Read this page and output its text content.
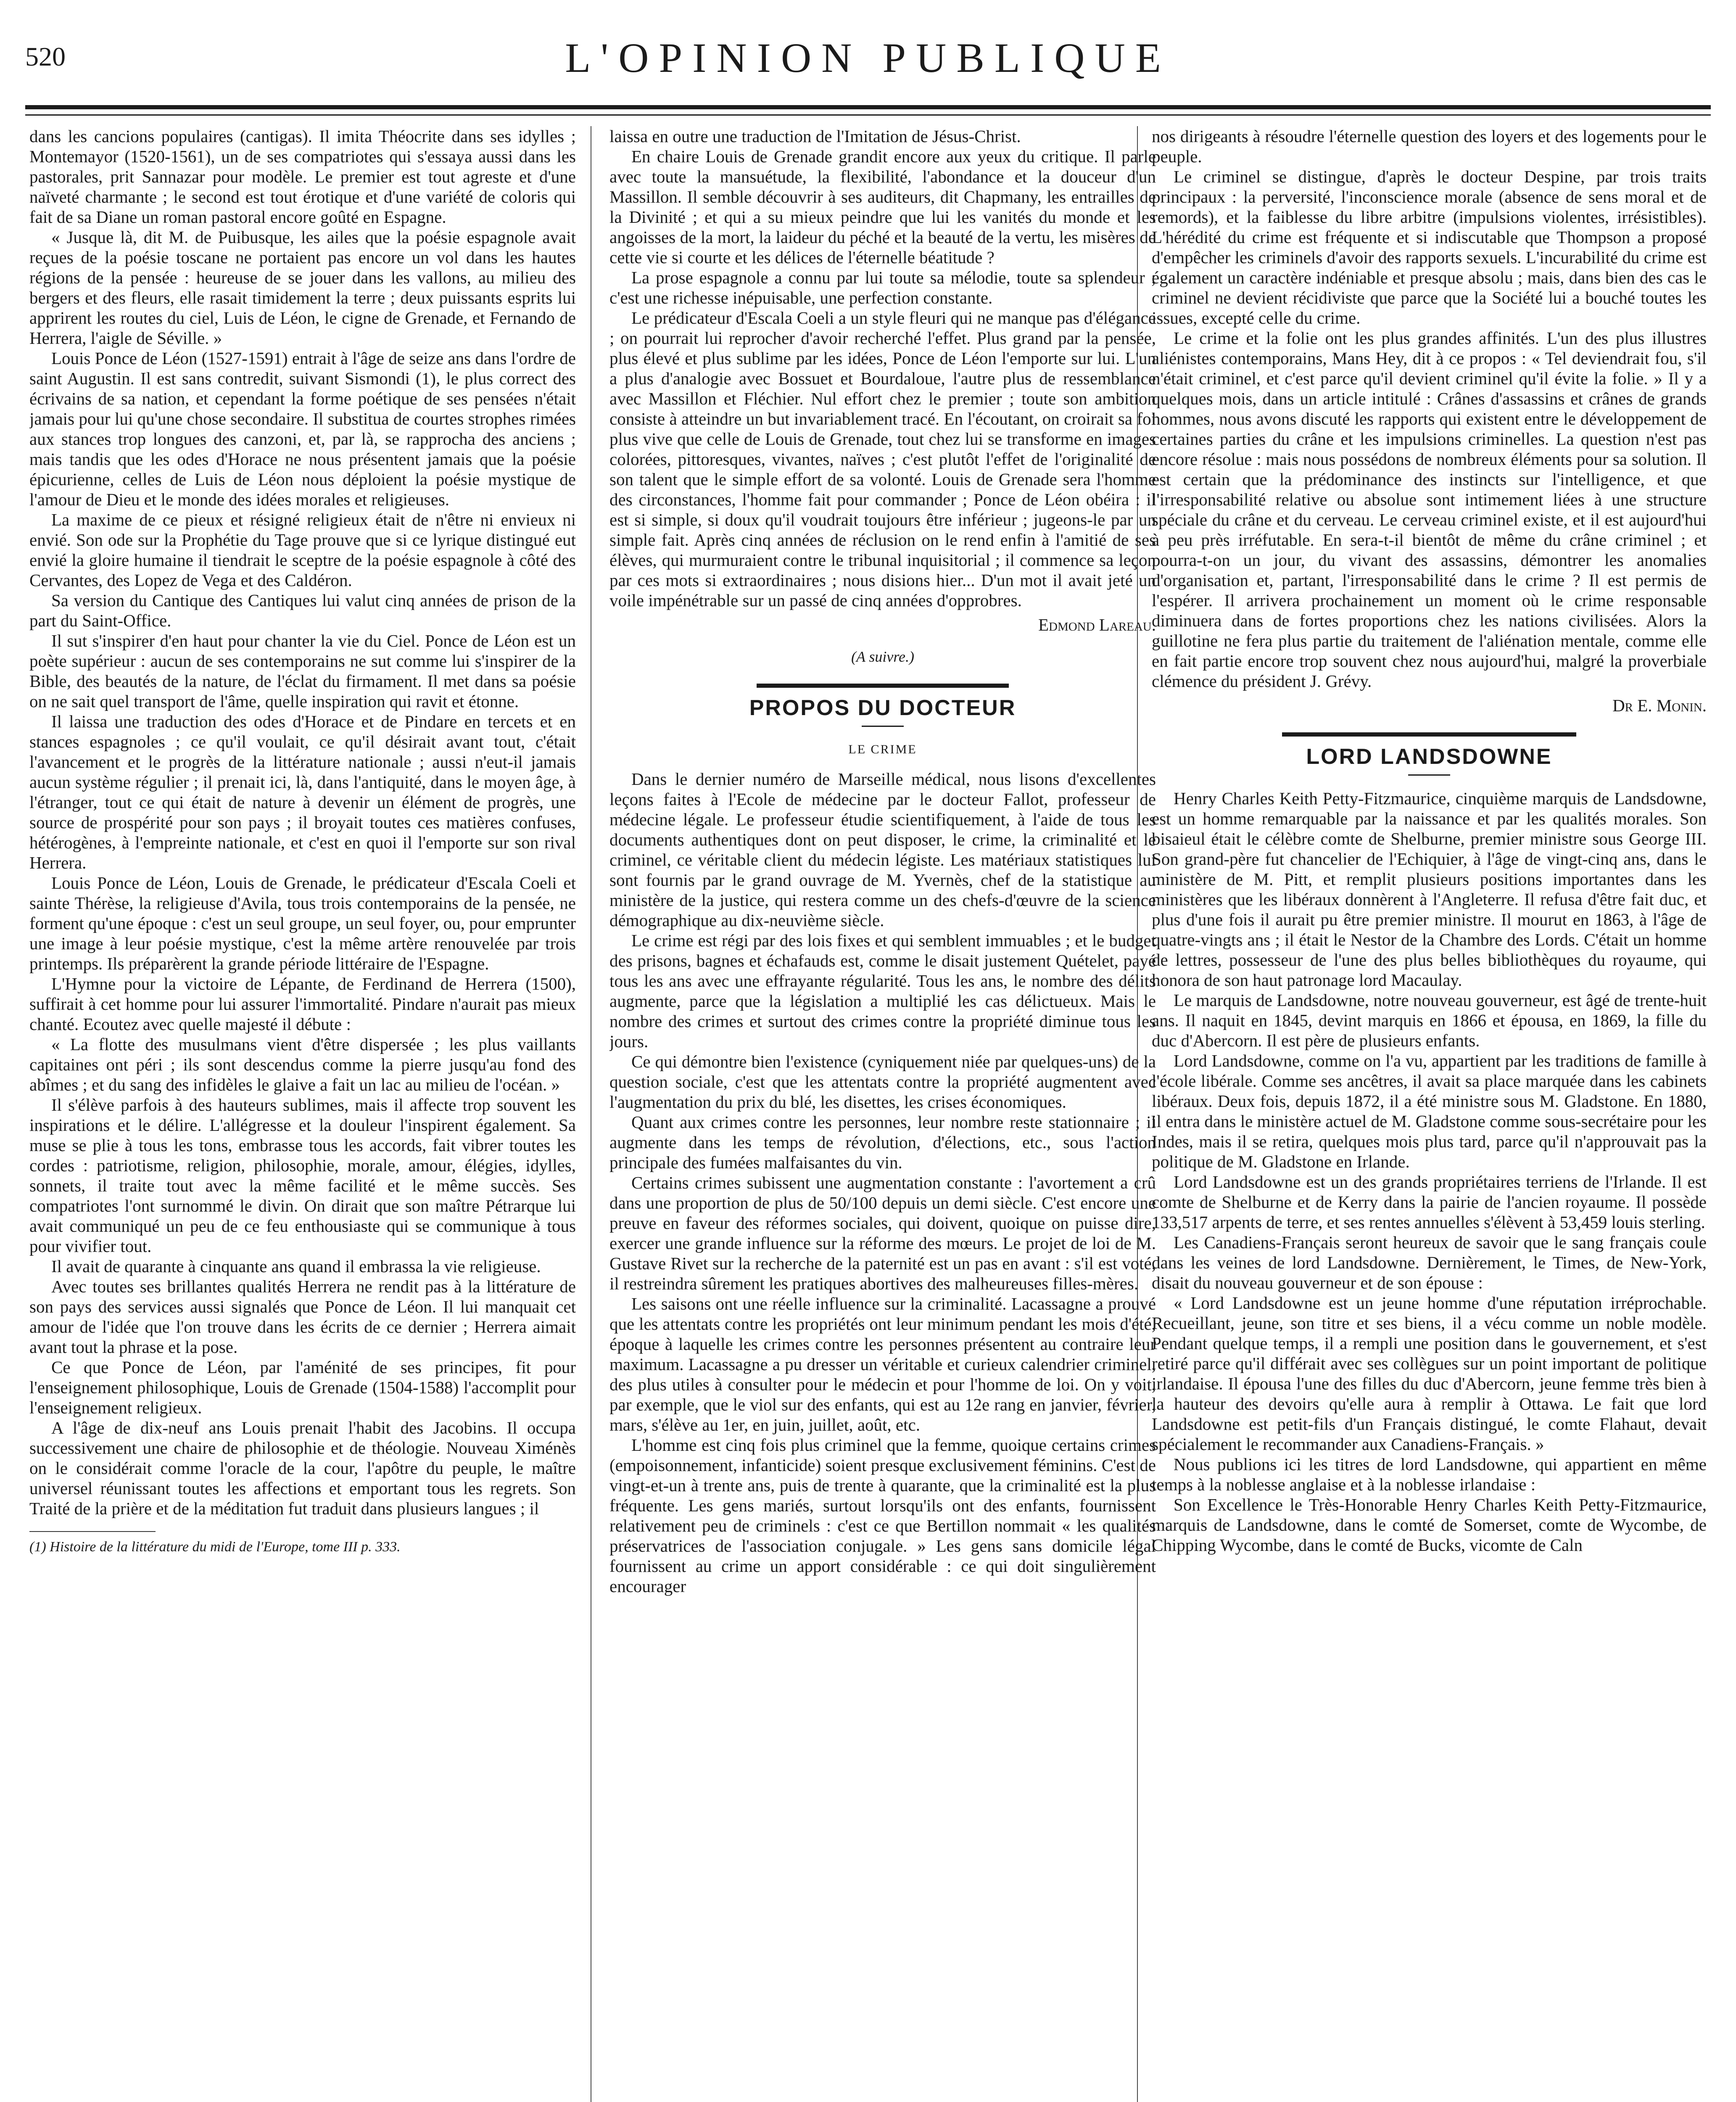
520	L'OPINION PUBLIQUE

dans les cancions populaires (cantigas). Il imita Théocrite dans ses idylles ; Montemayor (1520-1561), un de ses compatriotes qui s'essaya aussi dans les pastorales, prit Sannazar pour modèle. Le premier est tout agreste et d'une naïveté charmante ; le second est tout érotique et d'une variété de coloris qui fait de sa Diane un roman pastoral encore goûté en Espagne.

« Jusque là, dit M. de Puibusque, les ailes que la poésie espagnole avait reçues de la poésie toscane ne portaient pas encore un vol dans les hautes régions de la pensée : heureuse de se jouer dans les vallons, au milieu des bergers et des fleurs, elle rasait timidement la terre ; deux puissants esprits lui apprirent les routes du ciel, Luis de Léon, le cigne de Grenade, et Fernando de Herrera, l'aigle de Séville. »

Louis Ponce de Léon (1527-1591) entrait à l'âge de seize ans dans l'ordre de saint Augustin. Il est sans contredit, suivant Sismondi (1), le plus correct des écrivains de sa nation, et cependant la forme poétique de ses pensées n'était jamais pour lui qu'une chose secondaire. Il substitua de courtes strophes rimées aux stances trop longues des canzoni, et, par là, se rapprocha des anciens ; mais tandis que les odes d'Horace ne nous présentent jamais que la poésie épicurienne, celles de Luis de Léon nous déploient la poésie mystique de l'amour de Dieu et le monde des idées morales et religieuses.

La maxime de ce pieux et résigné religieux était de n'être ni envieux ni envié. Son ode sur la Prophétie du Tage prouve que si ce lyrique distingué eut envié la gloire humaine il tiendrait le sceptre de la poésie espagnole à côté des Cervantes, des Lopez de Vega et des Caldéron.

Sa version du Cantique des Cantiques lui valut cinq années de prison de la part du Saint-Office.

Il sut s'inspirer d'en haut pour chanter la vie du Ciel. Ponce de Léon est un poète supérieur : aucun de ses contemporains ne sut comme lui s'inspirer de la Bible, des beautés de la nature, de l'éclat du firmament. Il met dans sa poésie on ne sait quel transport de l'âme, quelle inspiration qui ravit et étonne.

Il laissa une traduction des odes d'Horace et de Pindare en tercets et en stances espagnoles ; ce qu'il voulait, ce qu'il désirait avant tout, c'était l'avancement et le progrès de la littérature nationale ; aussi n'eut-il jamais aucun système régulier ; il prenait ici, là, dans l'antiquité, dans le moyen âge, à l'étranger, tout ce qui était de nature à devenir un élément de progrès, une source de prospérité pour son pays ; il broyait toutes ces matières confuses, hétérogènes, à l'empreinte nationale, et c'est en quoi il l'emporte sur son rival Herrera.

Louis Ponce de Léon, Louis de Grenade, le prédicateur d'Escala Coeli et sainte Thérèse, la religieuse d'Avila, tous trois contemporains de la pensée, ne forment qu'une époque : c'est un seul groupe, un seul foyer, ou, pour emprunter une image à leur poésie mystique, c'est la même artère renouvelée par trois printemps. Ils préparèrent la grande période littéraire de l'Espagne.

L'Hymne pour la victoire de Lépante, de Ferdinand de Herrera (1500), suffirait à cet homme pour lui assurer l'immortalité. Pindare n'aurait pas mieux chanté. Ecoutez avec quelle majesté il débute :

« La flotte des musulmans vient d'être dispersée ; les plus vaillants capitaines ont péri ; ils sont descendus comme la pierre jusqu'au fond des abîmes ; et du sang des infidèles le glaive a fait un lac au milieu de l'océan. »

Il s'élève parfois à des hauteurs sublimes, mais il affecte trop souvent les inspirations et le délire. L'allégresse et la douleur l'inspirent également. Sa muse se plie à tous les tons, embrasse tous les accords, fait vibrer toutes les cordes : patriotisme, religion, philosophie, morale, amour, élégies, idylles, sonnets, il traite tout avec la même facilité et le même succès. Ses compatriotes l'ont surnommé le divin. On dirait que son maître Pétrarque lui avait communiqué un peu de ce feu enthousiaste qui se communique à tous pour vivifier tout.

Il avait de quarante à cinquante ans quand il embrassa la vie religieuse.

Avec toutes ses brillantes qualités Herrera ne rendit pas à la littérature de son pays des services aussi signalés que Ponce de Léon. Il lui manquait cet amour de l'idée que l'on trouve dans les écrits de ce dernier ; Herrera aimait avant tout la phrase et la pose.

Ce que Ponce de Léon, par l'aménité de ses principes, fit pour l'enseignement philosophique, Louis de Grenade (1504-1588) l'accomplit pour l'enseignement religieux.

A l'âge de dix-neuf ans Louis prenait l'habit des Jacobins. Il occupa successivement une chaire de philosophie et de théologie. Nouveau Ximénès on le considérait comme l'oracle de la cour, l'apôtre du peuple, le maître universel réunissant toutes les affections et emportant tous les regrets. Son Traité de la prière et de la méditation fut traduit dans plusieurs langues ; il

(1) Histoire de la littérature du midi de l'Europe, tome III p. 333.

laissa en outre une traduction de l'Imitation de Jésus-Christ.

En chaire Louis de Grenade grandit encore aux yeux du critique. Il parle avec toute la mansuétude, la flexibilité, l'abondance et la douceur d'un Massillon. Il semble découvrir à ses auditeurs, dit Chapmany, les entrailles de la Divinité ; et qui a su mieux peindre que lui les vanités du monde et les angoisses de la mort, la laideur du péché et la beauté de la vertu, les misères de cette vie si courte et les délices de l'éternelle béatitude ?

La prose espagnole a connu par lui toute sa mélodie, toute sa splendeur ; c'est une richesse inépuisable, une perfection constante.

Le prédicateur d'Escala Coeli a un style fleuri qui ne manque pas d'élégance ; on pourrait lui reprocher d'avoir recherché l'effet. Plus grand par la pensée, plus élevé et plus sublime par les idées, Ponce de Léon l'emporte sur lui. L'un a plus d'analogie avec Bossuet et Bourdaloue, l'autre plus de ressemblance avec Massillon et Fléchier. Nul effort chez le premier ; toute son ambition consiste à atteindre un but invariablement tracé. En l'écoutant, on croirait sa foi plus vive que celle de Louis de Grenade, tout chez lui se transforme en images colorées, pittoresques, vivantes, naïves ; c'est plutôt l'effet de l'originalité de son talent que le simple effort de sa volonté. Louis de Grenade sera l'homme des circonstances, l'homme fait pour commander ; Ponce de Léon obéira : il est si simple, si doux qu'il voudrait toujours être inférieur ; jugeons-le par un simple fait. Après cinq années de réclusion on le rend enfin à l'amitié de ses élèves, qui murmuraient contre le tribunal inquisitorial ; il commence sa leçon par ces mots si extraordinaires ; nous disions hier... D'un mot il avait jeté un voile impénétrable sur un passé de cinq années d'opprobres.

Edmond Lareau.
(A suivre.)
PROPOS DU DOCTEUR
LE CRIME

Dans le dernier numéro de Marseille médical, nous lisons d'excellentes leçons faites à l'Ecole de médecine par le docteur Fallot, professeur de médecine légale. Le professeur étudie scientifiquement, à l'aide de tous les documents authentiques dont on peut disposer, le crime, la criminalité et le criminel, ce véritable client du médecin légiste. Les matériaux statistiques lui sont fournis par le grand ouvrage de M. Yvernès, chef de la statistique au ministère de la justice, qui restera comme un des chefs-d'œuvre de la science démographique au dix-neuvième siècle.

Le crime est régi par des lois fixes et qui semblent immuables ; et le budget des prisons, bagnes et échafauds est, comme le disait justement Quételet, payé tous les ans avec une effrayante régularité. Tous les ans, le nombre des délits augmente, parce que la législation a multiplié les cas délictueux. Mais le nombre des crimes et surtout des crimes contre la propriété diminue tous les jours.

Ce qui démontre bien l'existence (cyniquement niée par quelques-uns) de la question sociale, c'est que les attentats contre la propriété augmentent avec l'augmentation du prix du blé, les disettes, les crises économiques.

Quant aux crimes contre les personnes, leur nombre reste stationnaire ; il augmente dans les temps de révolution, d'élections, etc., sous l'action principale des fumées malfaisantes du vin.

Certains crimes subissent une augmentation constante : l'avortement a crû dans une proportion de plus de 50/100 depuis un demi siècle. C'est encore une preuve en faveur des réformes sociales, qui doivent, quoique on puisse dire, exercer une grande influence sur la réforme des mœurs. Le projet de loi de M. Gustave Rivet sur la recherche de la paternité est un pas en avant : s'il est voté, il restreindra sûrement les pratiques abortives des malheureuses filles-mères.

Les saisons ont une réelle influence sur la criminalité. Lacassagne a prouvé que les attentats contre les propriétés ont leur minimum pendant les mois d'été, époque à laquelle les crimes contre les personnes présentent au contraire leur maximum. Lacassagne a pu dresser un véritable et curieux calendrier criminel, des plus utiles à consulter pour le médecin et pour l'homme de loi. On y voit, par exemple, que le viol sur des enfants, qui est au 12e rang en janvier, février, mars, s'élève au 1er, en juin, juillet, août, etc.

L'homme est cinq fois plus criminel que la femme, quoique certains crimes (empoisonnement, infanticide) soient presque exclusivement féminins. C'est de vingt-et-un à trente ans, puis de trente à quarante, que la criminalité est la plus fréquente. Les gens mariés, surtout lorsqu'ils ont des enfants, fournissent relativement peu de criminels : c'est ce que Bertillon nommait « les qualités préservatrices de l'association conjugale. » Les gens sans domicile légal fournissent au crime un apport considérable : ce qui doit singulièrement encourager

nos dirigeants à résoudre l'éternelle question des loyers et des logements pour le peuple.

Le criminel se distingue, d'après le docteur Despine, par trois traits principaux : la perversité, l'inconscience morale (absence de sens moral et de remords), et la faiblesse du libre arbitre (impulsions violentes, irrésistibles). L'hérédité du crime est fréquente et si indiscutable que Thompson a proposé d'empêcher les criminels d'avoir des rapports sexuels. L'incurabilité du crime est également un caractère indéniable et presque absolu ; mais, dans bien des cas le criminel ne devient récidiviste que parce que la Société lui a bouché toutes les issues, excepté celle du crime.

Le crime et la folie ont les plus grandes affinités. L'un des plus illustres aliénistes contemporains, Mans Hey, dit à ce propos : « Tel deviendrait fou, s'il n'était criminel, et c'est parce qu'il devient criminel qu'il évite la folie. » Il y a quelques mois, dans un article intitulé : Crânes d'assassins et crânes de grands hommes, nous avons discuté les rapports qui existent entre le développement de certaines parties du crâne et les impulsions criminelles. La question n'est pas encore résolue : mais nous possédons de nombreux éléments pour sa solution. Il est certain que la prédominance des instincts sur l'intelligence, et que l'irresponsabilité relative ou absolue sont intimement liées à une structure spéciale du crâne et du cerveau. Le cerveau criminel existe, et il est aujourd'hui à peu près irréfutable. En sera-t-il bientôt de même du crâne criminel ; et pourra-t-on un jour, du vivant des assassins, démontrer les anomalies d'organisation et, partant, l'irresponsabilité dans le crime ? Il est permis de l'espérer. Il arrivera prochainement un moment où le crime responsable diminuera dans de fortes proportions chez les nations civilisées. Alors la guillotine ne fera plus partie du traitement de l'aliénation mentale, comme elle en fait partie encore trop souvent chez nous aujourd'hui, malgré la proverbiale clémence du président J. Grévy.

Dr E. Monin.
LORD LANDSDOWNE

Henry Charles Keith Petty-Fitzmaurice, cinquième marquis de Landsdowne, est un homme remarquable par la naissance et par les qualités morales. Son bisaieul était le célèbre comte de Shelburne, premier ministre sous George III. Son grand-père fut chancelier de l'Echiquier, à l'âge de vingt-cinq ans, dans le ministère de M. Pitt, et remplit plusieurs positions importantes dans les ministères que les libéraux donnèrent à l'Angleterre. Il refusa d'être fait duc, et plus d'une fois il aurait pu être premier ministre. Il mourut en 1863, à l'âge de quatre-vingts ans ; il était le Nestor de la Chambre des Lords. C'était un homme de lettres, possesseur de l'une des plus belles bibliothèques du royaume, qui honora de son haut patronage lord Macaulay.

Le marquis de Landsdowne, notre nouveau gouverneur, est âgé de trente-huit ans. Il naquit en 1845, devint marquis en 1866 et épousa, en 1869, la fille du duc d'Abercorn. Il est père de plusieurs enfants.

Lord Landsdowne, comme on l'a vu, appartient par les traditions de famille à l'école libérale. Comme ses ancêtres, il avait sa place marquée dans les cabinets libéraux. Deux fois, depuis 1872, il a été ministre sous M. Gladstone. En 1880, il entra dans le ministère actuel de M. Gladstone comme sous-secrétaire pour les Indes, mais il se retira, quelques mois plus tard, parce qu'il n'approuvait pas la politique de M. Gladstone en Irlande.

Lord Landsdowne est un des grands propriétaires terriens de l'Irlande. Il est comte de Shelburne et de Kerry dans la pairie de l'ancien royaume. Il possède 133,517 arpents de terre, et ses rentes annuelles s'élèvent à 53,459 louis sterling.

Les Canadiens-Français seront heureux de savoir que le sang français coule dans les veines de lord Landsdowne. Dernièrement, le Times, de New-York, disait du nouveau gouverneur et de son épouse :

« Lord Landsdowne est un jeune homme d'une réputation irréprochable. Recueillant, jeune, son titre et ses biens, il a vécu comme un noble modèle. Pendant quelque temps, il a rempli une position dans le gouvernement, et s'est retiré parce qu'il différait avec ses collègues sur un point important de politique irlandaise. Il épousa l'une des filles du duc d'Abercorn, jeune femme très bien à la hauteur des devoirs qu'elle aura à remplir à Ottawa. Le fait que lord Landsdowne est petit-fils d'un Français distingué, le comte Flahaut, devait spécialement le recommander aux Canadiens-Français. »

Nous publions ici les titres de lord Landsdowne, qui appartient en même temps à la noblesse anglaise et à la noblesse irlandaise :

Son Excellence le Très-Honorable Henry Charles Keith Petty-Fitzmaurice, marquis de Landsdowne, dans le comté de Somerset, comte de Wycombe, de Chipping Wycombe, dans le comté de Bucks, vicomte de Caln
